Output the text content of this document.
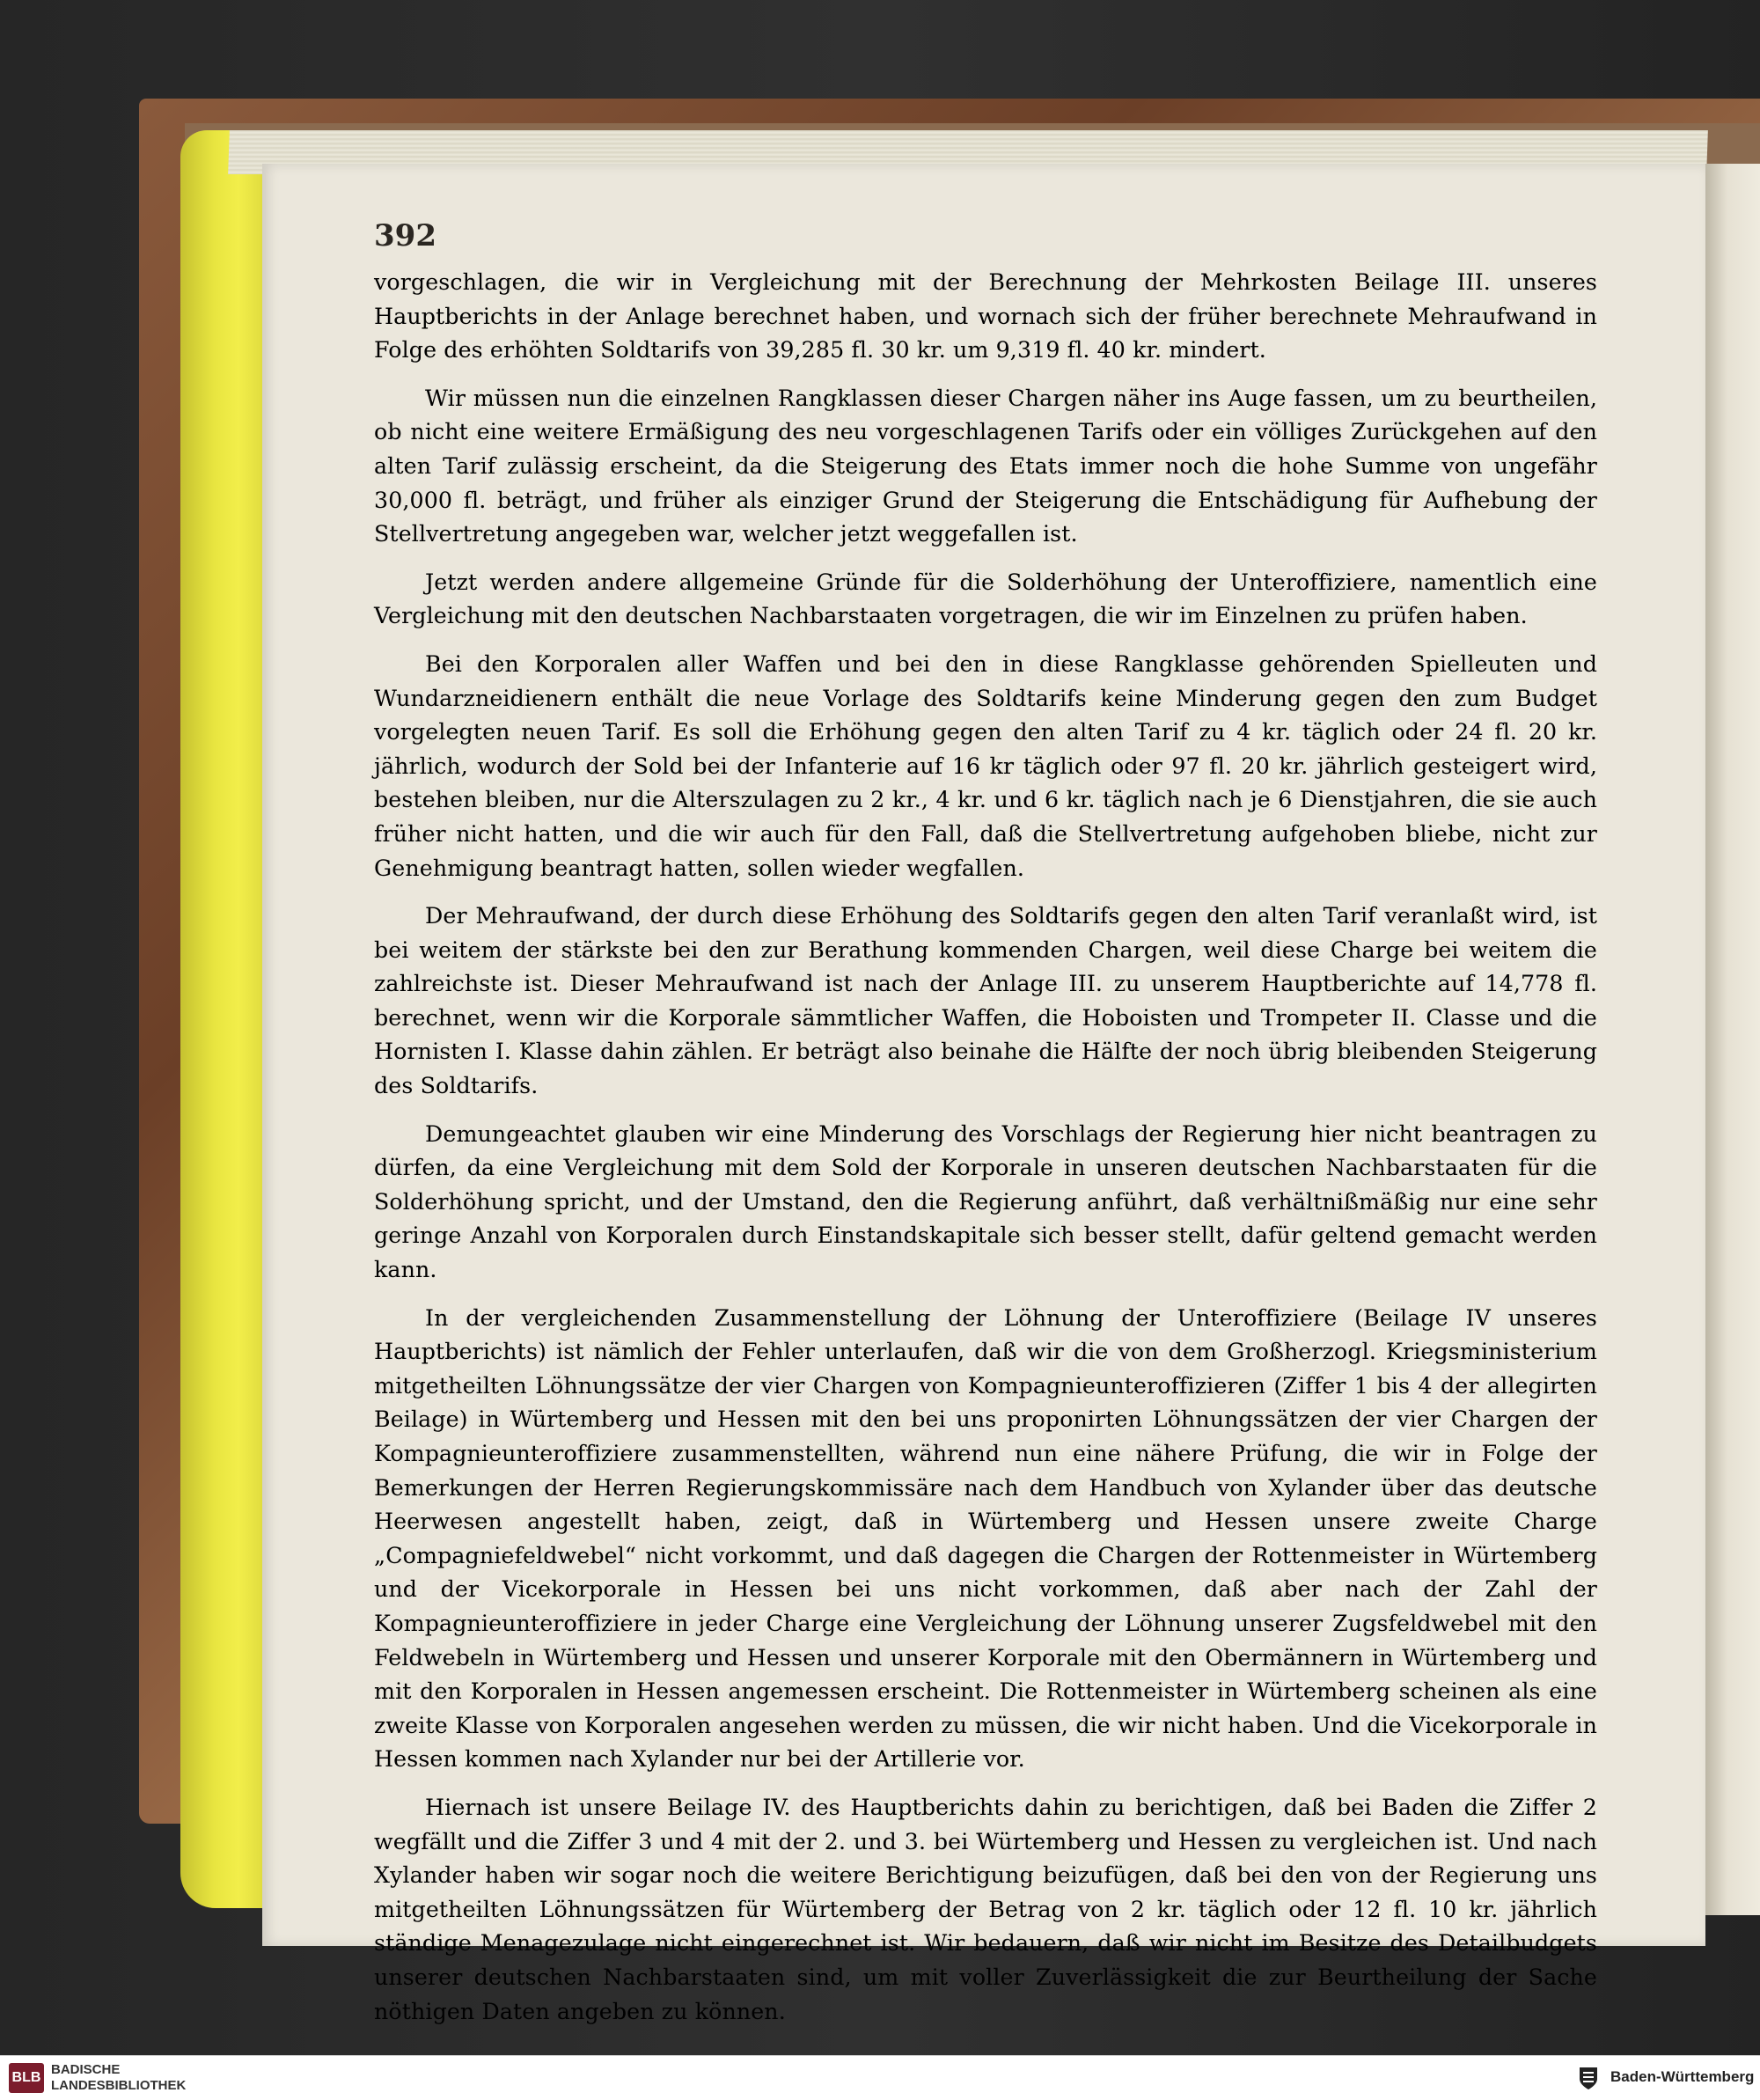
392

vorgeschlagen, die wir in Vergleichung mit der Berechnung der Mehrkosten Beilage III. unseres Hauptberichts in der Anlage berechnet haben, und wornach sich der früher berechnete Mehraufwand in Folge des erhöhten Soldtarifs von 39,285 fl. 30 kr. um 9,319 fl. 40 kr. mindert.

Wir müssen nun die einzelnen Rangklassen dieser Chargen näher ins Auge fassen, um zu beurtheilen, ob nicht eine weitere Ermäßigung des neu vorgeschlagenen Tarifs oder ein völliges Zurückgehen auf den alten Tarif zulässig erscheint, da die Steigerung des Etats immer noch die hohe Summe von ungefähr 30,000 fl. beträgt, und früher als einziger Grund der Steigerung die Entschädigung für Aufhebung der Stellvertretung angegeben war, welcher jetzt weggefallen ist.

Jetzt werden andere allgemeine Gründe für die Solderhöhung der Unteroffiziere, namentlich eine Vergleichung mit den deutschen Nachbarstaaten vorgetragen, die wir im Einzelnen zu prüfen haben.

Bei den Korporalen aller Waffen und bei den in diese Rangklasse gehörenden Spielleuten und Wundarzneidienern enthält die neue Vorlage des Soldtarifs keine Minderung gegen den zum Budget vorgelegten neuen Tarif. Es soll die Erhöhung gegen den alten Tarif zu 4 kr. täglich oder 24 fl. 20 kr. jährlich, wodurch der Sold bei der Infanterie auf 16 kr täglich oder 97 fl. 20 kr. jährlich gesteigert wird, bestehen bleiben, nur die Alterszulagen zu 2 kr., 4 kr. und 6 kr. täglich nach je 6 Dienstjahren, die sie auch früher nicht hatten, und die wir auch für den Fall, daß die Stellvertretung aufgehoben bliebe, nicht zur Genehmigung beantragt hatten, sollen wieder wegfallen.

Der Mehraufwand, der durch diese Erhöhung des Soldtarifs gegen den alten Tarif veranlaßt wird, ist bei weitem der stärkste bei den zur Berathung kommenden Chargen, weil diese Charge bei weitem die zahlreichste ist. Dieser Mehraufwand ist nach der Anlage III. zu unserem Hauptberichte auf 14,778 fl. berechnet, wenn wir die Korporale sämmtlicher Waffen, die Hoboisten und Trompeter II. Classe und die Hornisten I. Klasse dahin zählen. Er beträgt also beinahe die Hälfte der noch übrig bleibenden Steigerung des Soldtarifs.

Demungeachtet glauben wir eine Minderung des Vorschlags der Regierung hier nicht beantragen zu dürfen, da eine Vergleichung mit dem Sold der Korporale in unseren deutschen Nachbarstaaten für die Solderhöhung spricht, und der Umstand, den die Regierung anführt, daß verhältnißmäßig nur eine sehr geringe Anzahl von Korporalen durch Einstandskapitale sich besser stellt, dafür geltend gemacht werden kann.

In der vergleichenden Zusammenstellung der Löhnung der Unteroffiziere (Beilage IV unseres Hauptberichts) ist nämlich der Fehler unterlaufen, daß wir die von dem Großherzogl. Kriegsministerium mitgetheilten Löhnungssätze der vier Chargen von Kompagnieunteroffizieren (Ziffer 1 bis 4 der allegirten Beilage) in Würtemberg und Hessen mit den bei uns proponirten Löhnungssätzen der vier Chargen der Kompagnieunteroffiziere zusammenstellten, während nun eine nähere Prüfung, die wir in Folge der Bemerkungen der Herren Regierungskommissäre nach dem Handbuch von Xylander über das deutsche Heerwesen angestellt haben, zeigt, daß in Würtemberg und Hessen unsere zweite Charge „Compagniefeldwebel“ nicht vorkommt, und daß dagegen die Chargen der Rottenmeister in Würtemberg und der Vicekorporale in Hessen bei uns nicht vorkommen, daß aber nach der Zahl der Kompagnieunteroffiziere in jeder Charge eine Vergleichung der Löhnung unserer Zugsfeldwebel mit den Feldwebeln in Würtemberg und Hessen und unserer Korporale mit den Obermännern in Würtemberg und mit den Korporalen in Hessen angemessen erscheint. Die Rottenmeister in Würtemberg scheinen als eine zweite Klasse von Korporalen angesehen werden zu müssen, die wir nicht haben. Und die Vicekorporale in Hessen kommen nach Xylander nur bei der Artillerie vor.

Hiernach ist unsere Beilage IV. des Hauptberichts dahin zu berichtigen, daß bei Baden die Ziffer 2 wegfällt und die Ziffer 3 und 4 mit der 2. und 3. bei Würtemberg und Hessen zu vergleichen ist. Und nach Xylander haben wir sogar noch die weitere Berichtigung beizufügen, daß bei den von der Regierung uns mitgetheilten Löhnungssätzen für Würtemberg der Betrag von 2 kr. täglich oder 12 fl. 10 kr. jährlich ständige Menagezulage nicht eingerechnet ist. Wir bedauern, daß wir nicht im Besitze des Detailbudgets unserer deutschen Nachbarstaaten sind, um mit voller Zuverlässigkeit die zur Beurtheilung der Sache nöthigen Daten angeben zu können.

BLB
BADISCHE
LANDESBIBLIOTHEK
Baden-Württemberg
